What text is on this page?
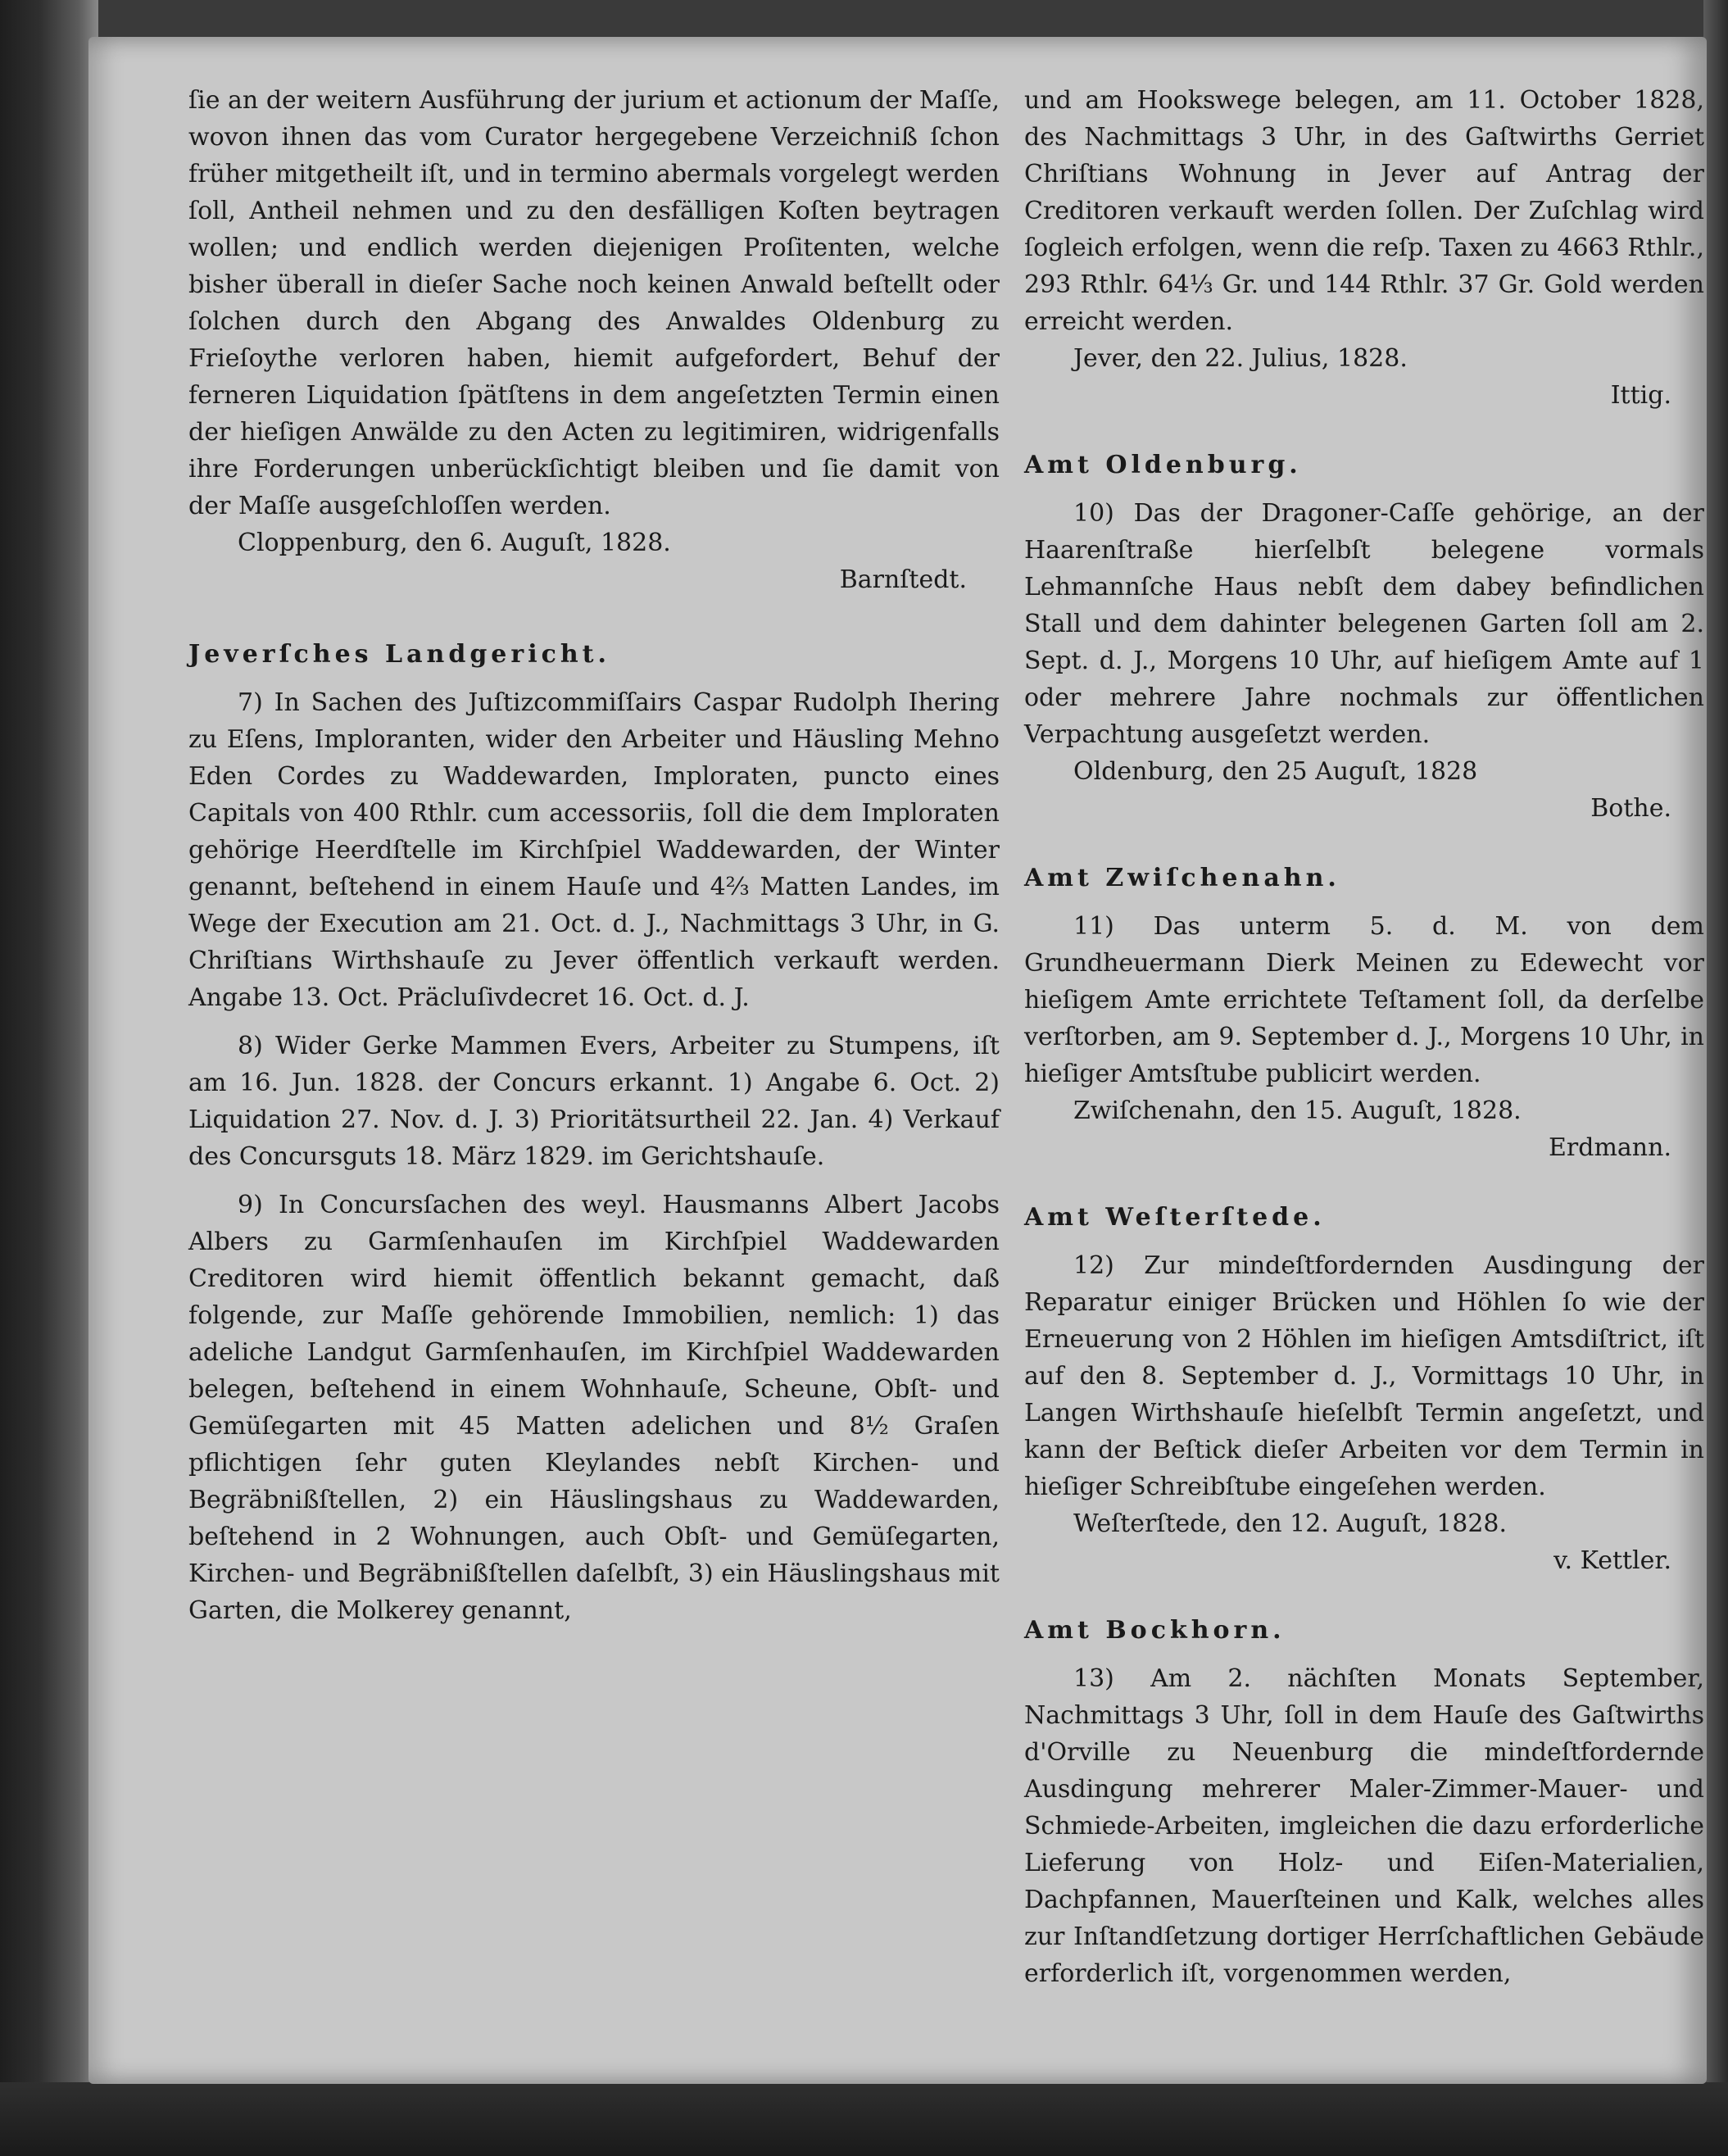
ſie an der weitern Ausführung der jurium et actionum der Maſſe, wovon ihnen das vom Curator hergegebene Verzeichniß ſchon früher mitgetheilt iſt, und in termino abermals vorgelegt werden ſoll, Antheil nehmen und zu den desfälligen Koſten beytragen wollen; und endlich werden diejenigen Proſitenten, welche bisher überall in dieſer Sache noch keinen Anwald beſtellt oder ſolchen durch den Abgang des Anwaldes Oldenburg zu Frieſoythe verloren haben, hiemit aufgefordert, Behuf der ferneren Liquidation ſpätſtens in dem angeſetzten Termin einen der hieſigen Anwälde zu den Acten zu legitimiren, widrigenfalls ihre Forderungen unberückſichtigt bleiben und ſie damit von der Maſſe ausgeſchloſſen werden.

Cloppenburg, den 6. Auguſt, 1828.

Barnſtedt.

Jeverſches Landgericht.

7) In Sachen des Juſtizcommiſſairs Caspar Rudolph Ihering zu Eſens, Imploranten, wider den Arbeiter und Häusling Mehno Eden Cordes zu Waddewarden, Imploraten, puncto eines Capitals von 400 Rthlr. cum accessoriis, ſoll die dem Imploraten gehörige Heerdſtelle im Kirchſpiel Waddewarden, der Winter genannt, beſtehend in einem Hauſe und 4⅔ Matten Landes, im Wege der Execution am 21. Oct. d. J., Nachmittags 3 Uhr, in G. Chriſtians Wirthshauſe zu Jever öffentlich verkauft werden. Angabe 13. Oct. Präcluſivdecret 16. Oct. d. J.

8) Wider Gerke Mammen Evers, Arbeiter zu Stumpens, iſt am 16. Jun. 1828. der Concurs erkannt. 1) Angabe 6. Oct. 2) Liquidation 27. Nov. d. J. 3) Prioritätsurtheil 22. Jan. 4) Verkauf des Concursguts 18. März 1829. im Gerichtshauſe.

9) In Concursſachen des weyl. Hausmanns Albert Jacobs Albers zu Garmſenhauſen im Kirchſpiel Waddewarden Creditoren wird hiemit öffentlich bekannt gemacht, daß folgende, zur Maſſe gehörende Immobilien, nemlich: 1) das adeliche Landgut Garmſenhauſen, im Kirchſpiel Waddewarden belegen, beſtehend in einem Wohnhauſe, Scheune, Obſt- und Gemüſegarten mit 45 Matten adelichen und 8½ Graſen pflichtigen ſehr guten Kleylandes nebſt Kirchen- und Begräbnißſtellen, 2) ein Häuslingshaus zu Waddewarden, beſtehend in 2 Wohnungen, auch Obſt- und Gemüſegarten, Kirchen- und Begräbnißſtellen daſelbſt, 3) ein Häuslingshaus mit Garten, die Molkerey genannt,

und am Hookswege belegen, am 11. October 1828, des Nachmittags 3 Uhr, in des Gaſtwirths Gerriet Chriſtians Wohnung in Jever auf Antrag der Creditoren verkauft werden ſollen. Der Zuſchlag wird ſogleich erfolgen, wenn die reſp. Taxen zu 4663 Rthlr., 293 Rthlr. 64⅓ Gr. und 144 Rthlr. 37 Gr. Gold werden erreicht werden.

Jever, den 22. Julius, 1828.

Ittig.

Amt Oldenburg.

10) Das der Dragoner-Caſſe gehörige, an der Haarenſtraße hierſelbſt belegene vormals Lehmannſche Haus nebſt dem dabey befindlichen Stall und dem dahinter belegenen Garten ſoll am 2. Sept. d. J., Morgens 10 Uhr, auf hieſigem Amte auf 1 oder mehrere Jahre nochmals zur öffentlichen Verpachtung ausgeſetzt werden.

Oldenburg, den 25 Auguſt, 1828

Bothe.

Amt Zwiſchenahn.

11) Das unterm 5. d. M. von dem Grundheuermann Dierk Meinen zu Edewecht vor hieſigem Amte errichtete Teſtament ſoll, da derſelbe verſtorben, am 9. September d. J., Morgens 10 Uhr, in hieſiger Amtsſtube publicirt werden.

Zwiſchenahn, den 15. Auguſt, 1828.

Erdmann.

Amt Weſterſtede.

12) Zur mindeſtfordernden Ausdingung der Reparatur einiger Brücken und Höhlen ſo wie der Erneuerung von 2 Höhlen im hieſigen Amtsdiſtrict, iſt auf den 8. September d. J., Vormittags 10 Uhr, in Langen Wirthshauſe hieſelbſt Termin angeſetzt, und kann der Beſtick dieſer Arbeiten vor dem Termin in hieſiger Schreibſtube eingeſehen werden.

Weſterſtede, den 12. Auguſt, 1828.

v. Kettler.

Amt Bockhorn.

13) Am 2. nächſten Monats September, Nachmittags 3 Uhr, ſoll in dem Hauſe des Gaſtwirths d'Orville zu Neuenburg die mindeſtfordernde Ausdingung mehrerer Maler-Zimmer-Mauer- und Schmiede-Arbeiten, imgleichen die dazu erforderliche Lieferung von Holz- und Eiſen-Materialien, Dachpfannen, Mauerſteinen und Kalk, welches alles zur Inſtandſetzung dortiger Herrſchaftlichen Gebäude erforderlich iſt, vorgenommen werden,
